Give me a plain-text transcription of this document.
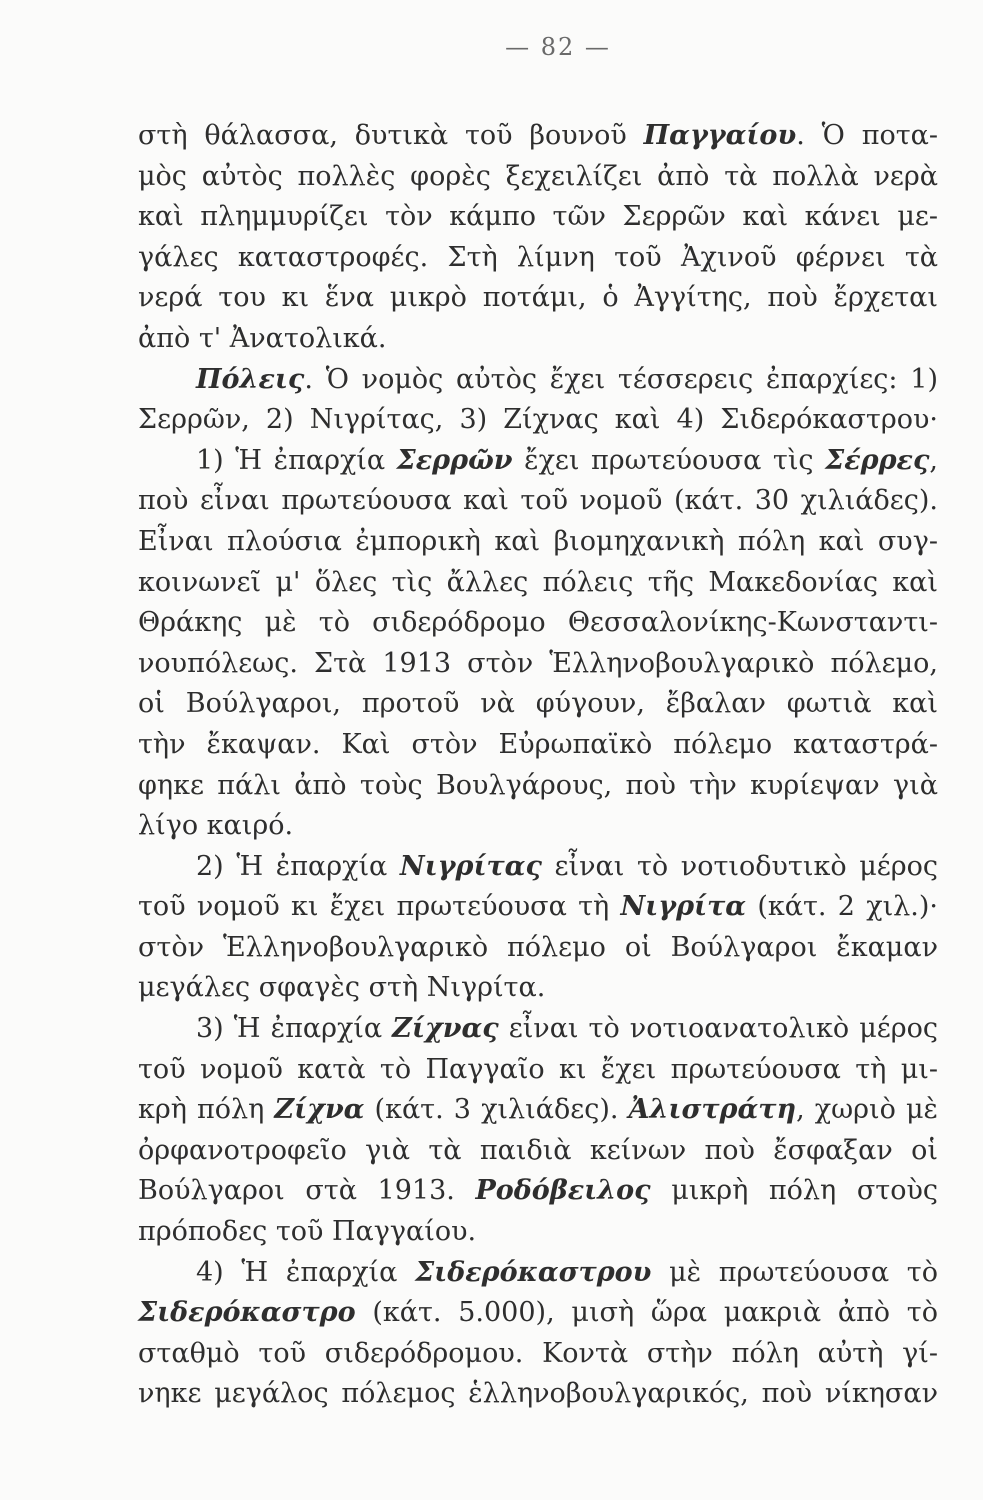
— 82 —
στὴ θάλασσα, δυτικὰ τοῦ βουνοῦ Παγγαίου. Ὁ ποτα-
μὸς αὐτὸς πολλὲς φορὲς ξεχειλίζει ἀπὸ τὰ πολλὰ νερὰ
καὶ πλημμυρίζει τὸν κάμπο τῶν Σερρῶν καὶ κάνει με-
γάλες καταστροφές. Στὴ λίμνη τοῦ Ἀχινοῦ φέρνει τὰ
νερά του κι ἕνα μικρὸ ποτάμι, ὁ Ἀγγίτης, ποὺ ἔρχεται
ἀπὸ τ' Ἀνατολικά.
Πόλεις. Ὁ νομὸς αὐτὸς ἔχει τέσσερεις ἐπαρχίες: 1)
Σερρῶν, 2) Νιγρίτας, 3) Ζίχνας καὶ 4) Σιδερόκαστρου·
1) Ἡ ἐπαρχία Σερρῶν ἔχει πρωτεύουσα τὶς Σέρρες,
ποὺ εἶναι πρωτεύουσα καὶ τοῦ νομοῦ (κάτ. 30 χιλιάδες).
Εἶναι πλούσια ἐμπορικὴ καὶ βιομηχανικὴ πόλη καὶ συγ-
κοινωνεῖ μ' ὅλες τὶς ἄλλες πόλεις τῆς Μακεδονίας καὶ
Θράκης μὲ τὸ σιδερόδρομο Θεσσαλονίκης-Κωνσταντι-
νουπόλεως. Στὰ 1913 στὸν Ἑλληνοβουλγαρικὸ πόλεμο,
οἱ Βούλγαροι, προτοῦ νὰ φύγουν, ἔβαλαν φωτιὰ καὶ
τὴν ἔκαψαν. Καὶ στὸν Εὐρωπαϊκὸ πόλεμο καταστρά-
φηκε πάλι ἀπὸ τοὺς Βουλγάρους, ποὺ τὴν κυρίεψαν γιὰ
λίγο καιρό.
2) Ἡ ἐπαρχία Νιγρίτας εἶναι τὸ νοτιοδυτικὸ μέρος
τοῦ νομοῦ κι ἔχει πρωτεύουσα τὴ Νιγρίτα (κάτ. 2 χιλ.)·
στὸν Ἑλληνοβουλγαρικὸ πόλεμο οἱ Βούλγαροι ἔκαμαν
μεγάλες σφαγὲς στὴ Νιγρίτα.
3) Ἡ ἐπαρχία Ζίχνας εἶναι τὸ νοτιοανατολικὸ μέρος
τοῦ νομοῦ κατὰ τὸ Παγγαῖο κι ἔχει πρωτεύουσα τὴ μι-
κρὴ πόλη Ζίχνα (κάτ. 3 χιλιάδες). Ἀλιστράτη, χωριὸ μὲ
ὀρφανοτροφεῖο γιὰ τὰ παιδιὰ κείνων ποὺ ἔσφαξαν οἱ
Βούλγαροι στὰ 1913. Ροδόβειλος μικρὴ πόλη στοὺς
πρόποδες τοῦ Παγγαίου.
4) Ἡ ἐπαρχία Σιδερόκαστρου μὲ πρωτεύουσα τὸ
Σιδερόκαστρο (κάτ. 5.000), μισὴ ὥρα μακριὰ ἀπὸ τὸ
σταθμὸ τοῦ σιδερόδρομου. Κοντὰ στὴν πόλη αὐτὴ γί-
νηκε μεγάλος πόλεμος ἑλληνοβουλγαρικός, ποὺ νίκησαν
